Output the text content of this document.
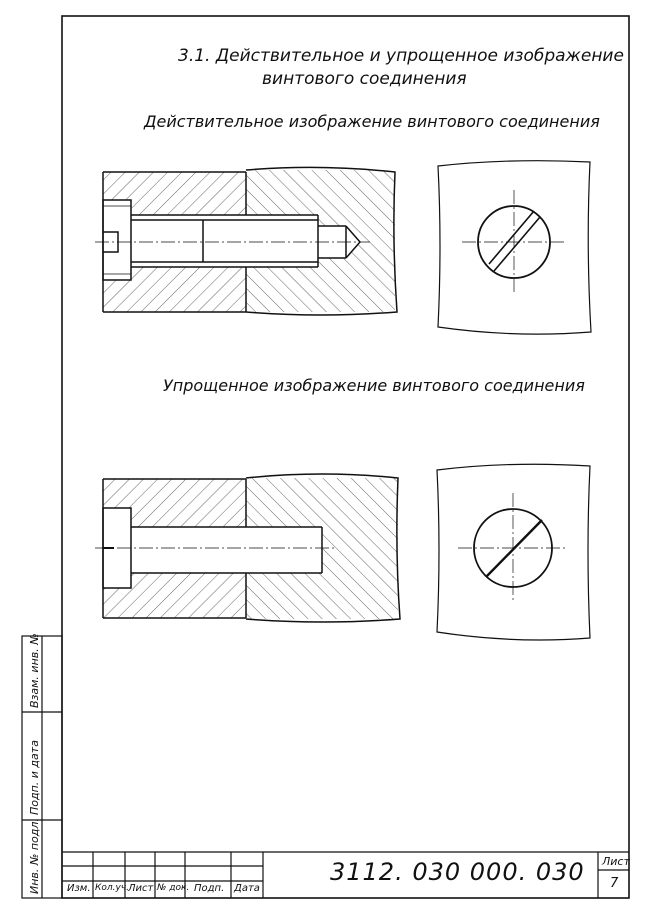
3.1. Действительное и упрощенное изображение
винтового соединения
Действительное изображение винтового соединения
Упрощенное изображение винтового соединения
Взам. инв. №
Подп. и дата
Инв. № подл.	Изм. Кол.уч.
Лист № док. Подп. Дата
3112. 030 000. 030 Лист
7
